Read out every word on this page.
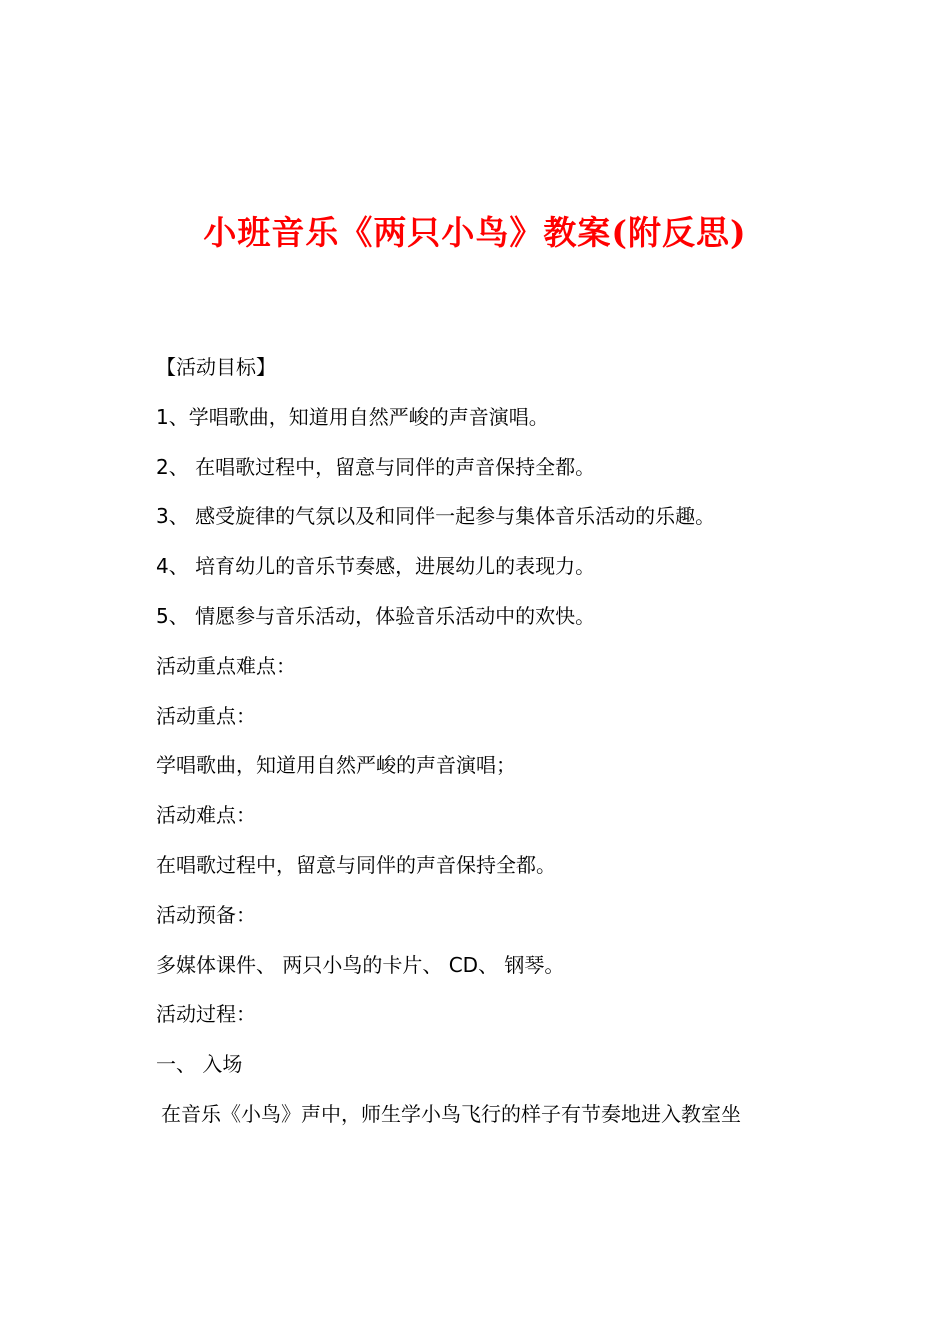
小班音乐《两只小鸟》教案(附反思)

【活动目标】

1、学唱歌曲，知道用自然严峻的声音演唱。

2、 在唱歌过程中，留意与同伴的声音保持全都。

3、 感受旋律的气氛以及和同伴一起参与集体音乐活动的乐趣。

4、 培育幼儿的音乐节奏感，进展幼儿的表现力。

5、 情愿参与音乐活动，体验音乐活动中的欢快。

活动重点难点：

活动重点：

学唱歌曲，知道用自然严峻的声音演唱；

活动难点：

在唱歌过程中，留意与同伴的声音保持全都。

活动预备：

多媒体课件、 两只小鸟的卡片、 CD、 钢琴。

活动过程：

一、 入场

在音乐《小鸟》声中，师生学小鸟飞行的样子有节奏地进入教室坐
